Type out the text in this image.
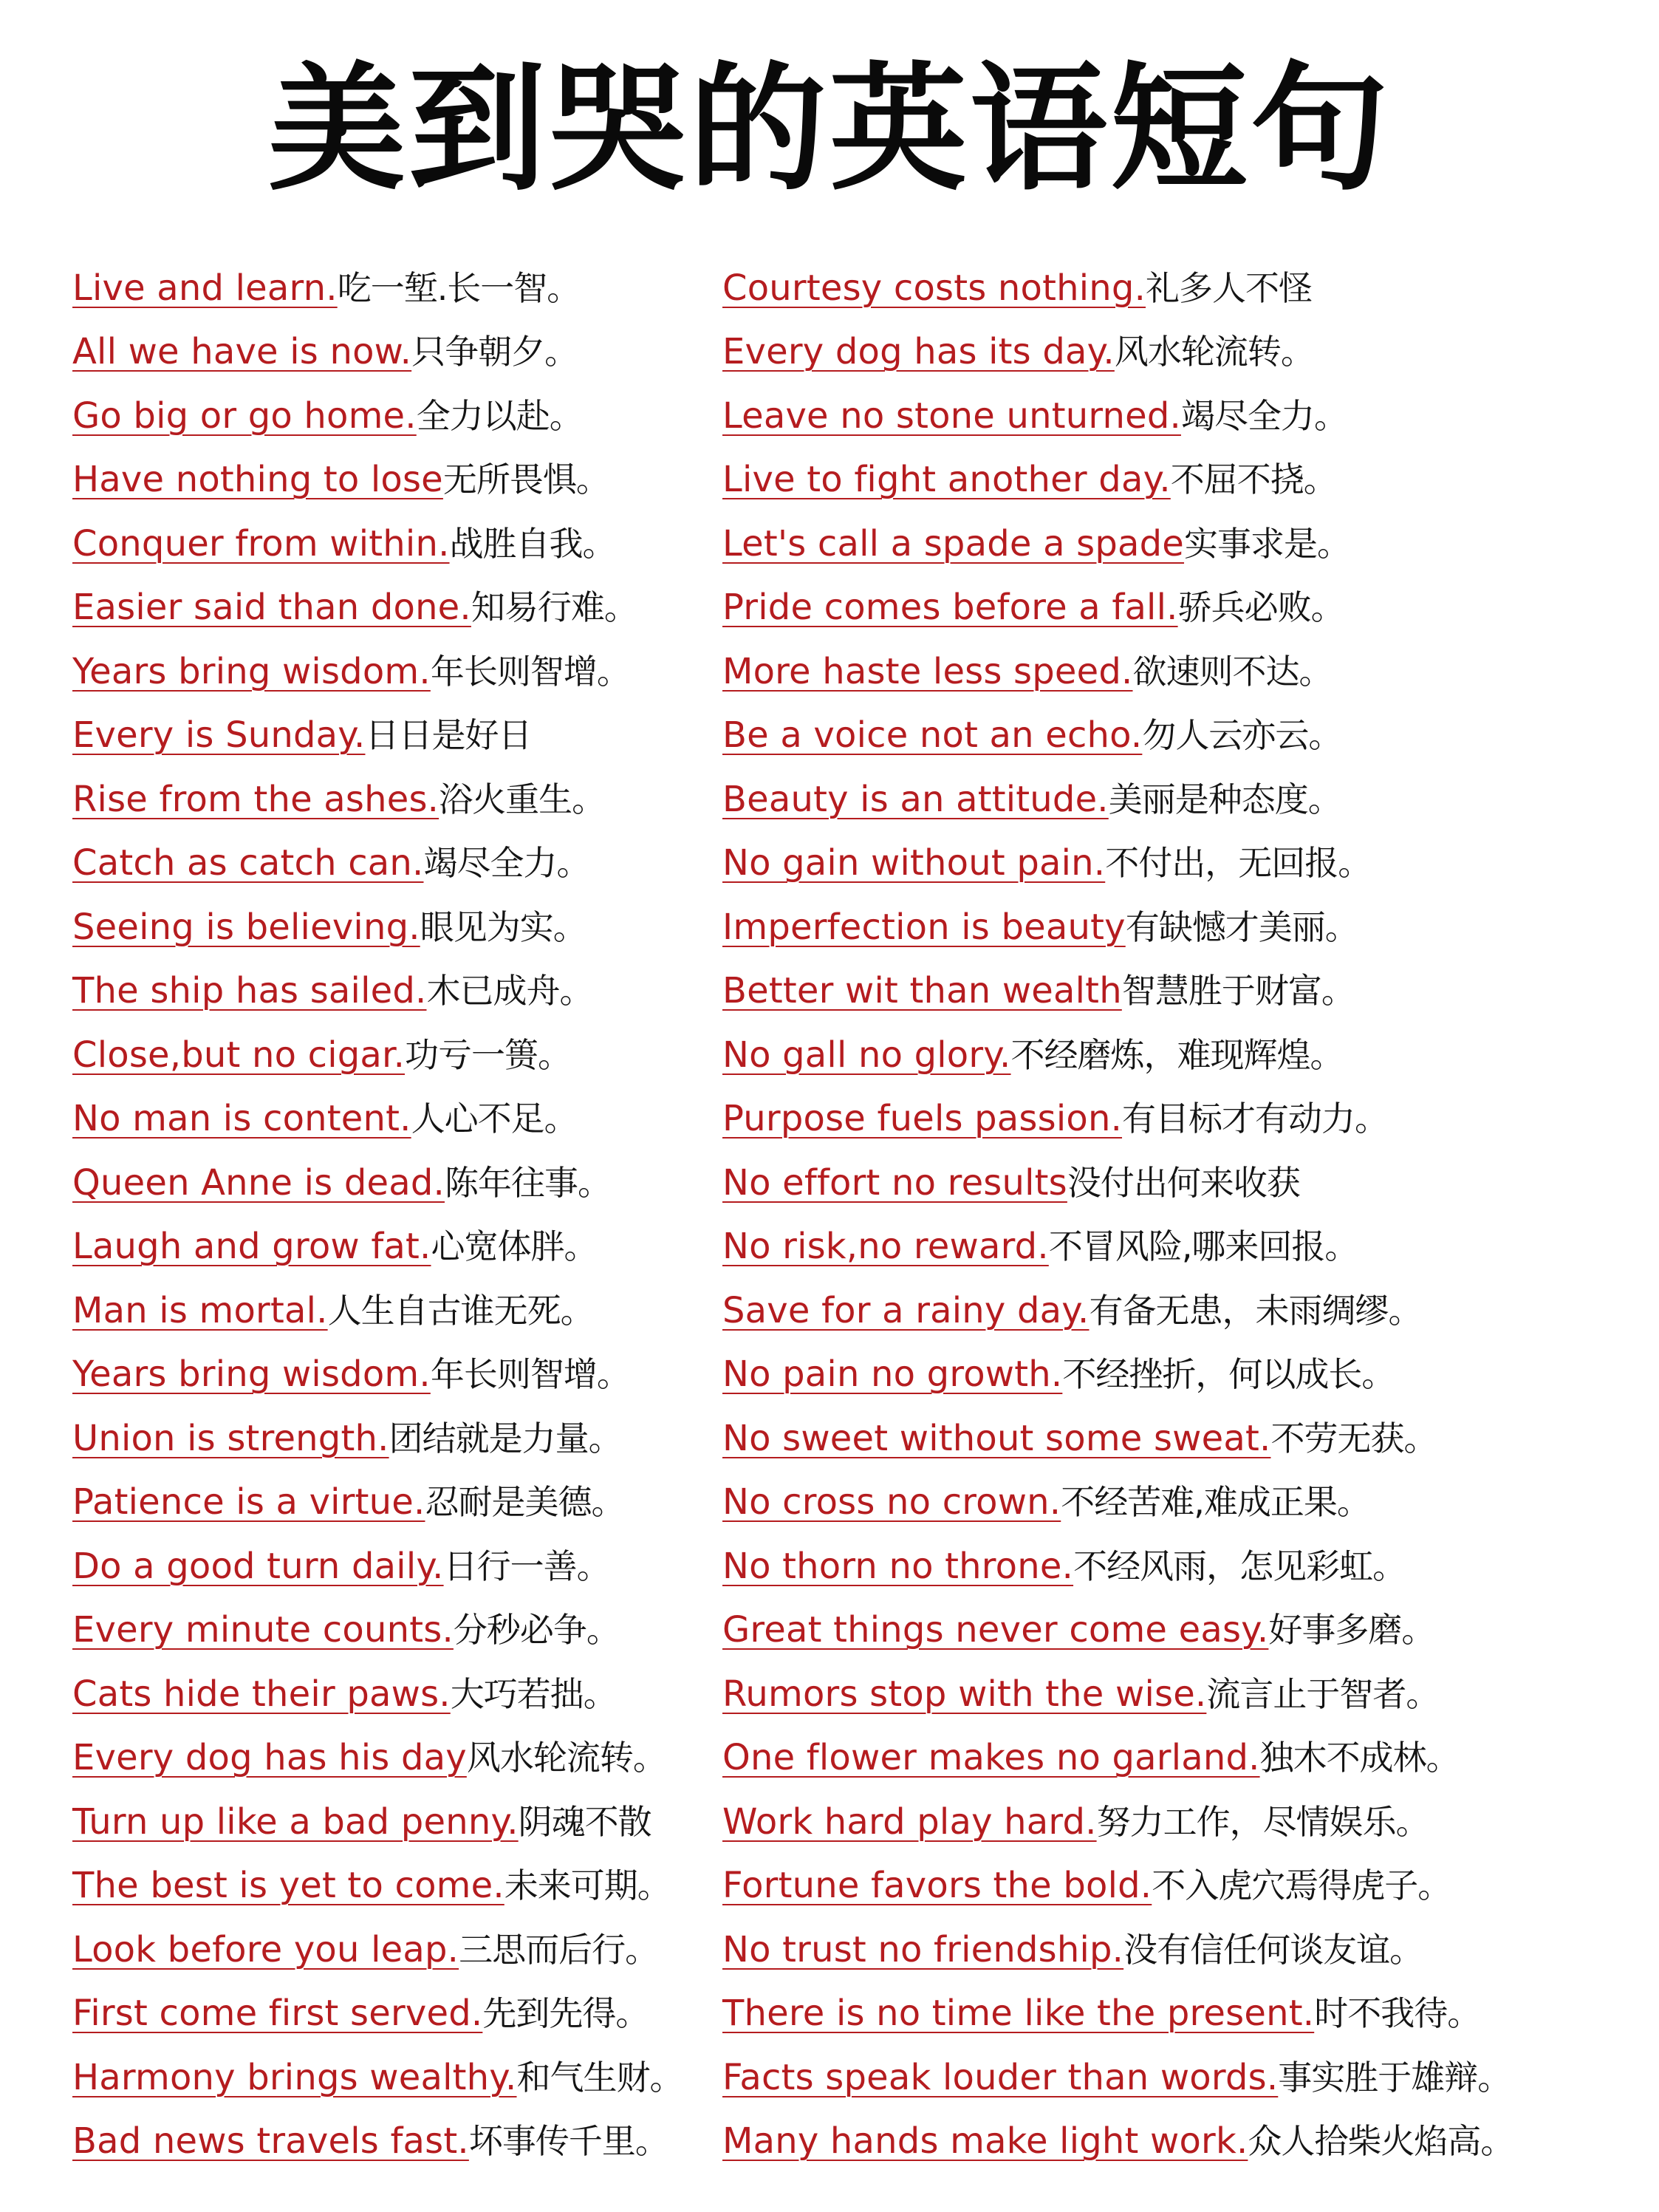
美到哭的英语短句
Live and learn. 吃一堑.长一智。
All we have is now. 只争朝夕。
Go big or go home. 全力以赴。
Have nothing to lose 无所畏惧。
Conquer from within. 战胜自我。
Easier said than done. 知易行难。
Years bring wisdom. 年长则智增。
Every is Sunday. 日日是好日
Rise from the ashes. 浴火重生。
Catch as catch can. 竭尽全力。
Seeing is believing. 眼见为实。
The ship has sailed. 木已成舟。
Close,but no cigar. 功亏一篑。
No man is content. 人心不足。
Queen Anne is dead. 陈年往事。
Laugh and grow fat. 心宽体胖。
Man is mortal. 人生自古谁无死。
Years bring wisdom. 年长则智增。
Union is strength. 团结就是力量。
Patience is a virtue. 忍耐是美德。
Do a good turn daily. 日行一善。
Every minute counts. 分秒必争。
Cats hide their paws. 大巧若拙。
Every dog has his day 风水轮流转。
Turn up like a bad penny. 阴魂不散
The best is yet to come. 未来可期。
Look before you leap. 三思而后行。
First come first served. 先到先得。
Harmony brings wealthy. 和气生财。
Bad news travels fast. 坏事传千里。
Courtesy costs nothing. 礼多人不怪
Every dog has its day. 风水轮流转。
Leave no stone unturned. 竭尽全力。
Live to fight another day. 不屈不挠。
Let's call a spade a spade 实事求是。
Pride comes before a fall. 骄兵必败。
More haste less speed. 欲速则不达。
Be a voice not an echo. 勿人云亦云。
Beauty is an attitude. 美丽是种态度。
No gain without pain. 不付出，无回报。
Imperfection is beauty 有缺憾才美丽。
Better wit than wealth 智慧胜于财富。
No gall no glory. 不经磨炼，难现辉煌。
Purpose fuels passion. 有目标才有动力。
No effort no results 没付出何来收获
No risk,no reward. 不冒风险,哪来回报。
Save for a rainy day. 有备无患，未雨绸缪。
No pain no growth. 不经挫折，何以成长。
No sweet without some sweat. 不劳无获。
No cross no crown. 不经苦难,难成正果。
No thorn no throne. 不经风雨，怎见彩虹。
Great things never come easy. 好事多磨。
Rumors stop with the wise. 流言止于智者。
One flower makes no garland. 独木不成林。
Work hard play hard. 努力工作，尽情娱乐。
Fortune favors the bold. 不入虎穴焉得虎子。
No trust no friendship. 没有信任何谈友谊。
There is no time like the present. 时不我待。
Facts speak louder than words. 事实胜于雄辩。
Many hands make light work. 众人拾柴火焰高。
